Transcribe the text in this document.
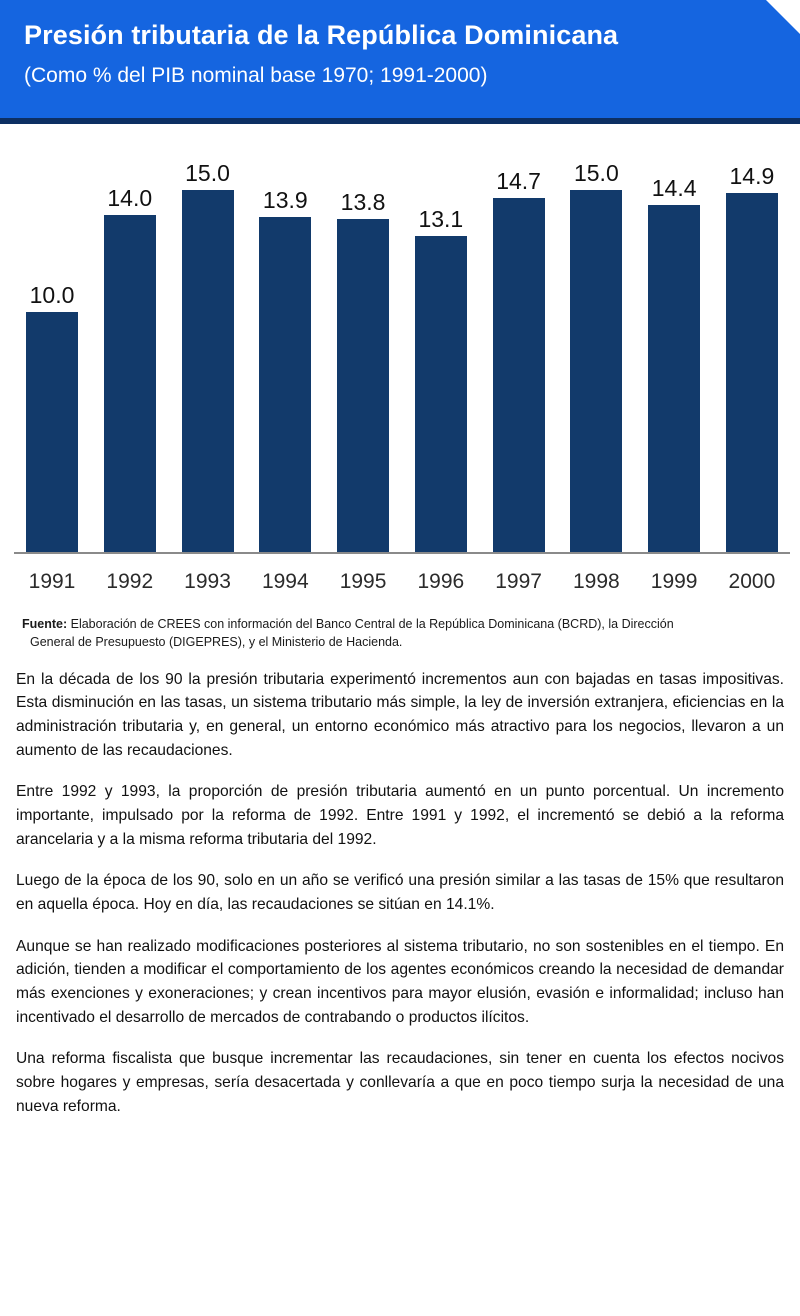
Presión tributaria de la República Dominicana
(Como % del PIB nominal base 1970; 1991-2000)
10.0
14.0
15.0
13.9 13.8
13.1
14.7 15.0
14.4 14.9
1991	1992	1993	1994	1995	1996	1997	1998	1999	2000
Fuente: Elaboración de CREES con información del Banco Central de la República Dominicana (BCRD), la Dirección
General de Presupuesto (DIGEPRES), y el Ministerio de Hacienda.

En la década de los 90 la presión tributaria experimentó incrementos aun con bajadas en tasas impositivas. Esta disminución en las tasas, un sistema tributario más simple, la ley de inversión extranjera, eficiencias en la administración tributaria y, en general, un entorno económico más atractivo para los negocios, llevaron a un aumento de las recaudaciones.

Entre 1992 y 1993, la proporción de presión tributaria aumentó en un punto porcentual. Un incremento importante, impulsado por la reforma de 1992. Entre 1991 y 1992, el incrementó se debió a la reforma arancelaria y a la misma reforma tributaria del 1992.

Luego de la época de los 90, solo en un año se verificó una presión similar a las tasas de 15% que resultaron en aquella época. Hoy en día, las recaudaciones se sitúan en 14.1%.

Aunque se han realizado modificaciones posteriores al sistema tributario, no son sostenibles en el tiempo. En adición, tienden a modificar el comportamiento de los agentes económicos creando la necesidad de demandar más exenciones y exoneraciones; y crean incentivos para mayor elusión, evasión e informalidad; incluso han incentivado el desarrollo de mercados de contrabando o productos ilícitos.

Una reforma fiscalista que busque incrementar las recaudaciones, sin tener en cuenta los efectos nocivos sobre hogares y empresas, sería desacertada y conllevaría a que en poco tiempo surja la necesidad de una nueva reforma.
